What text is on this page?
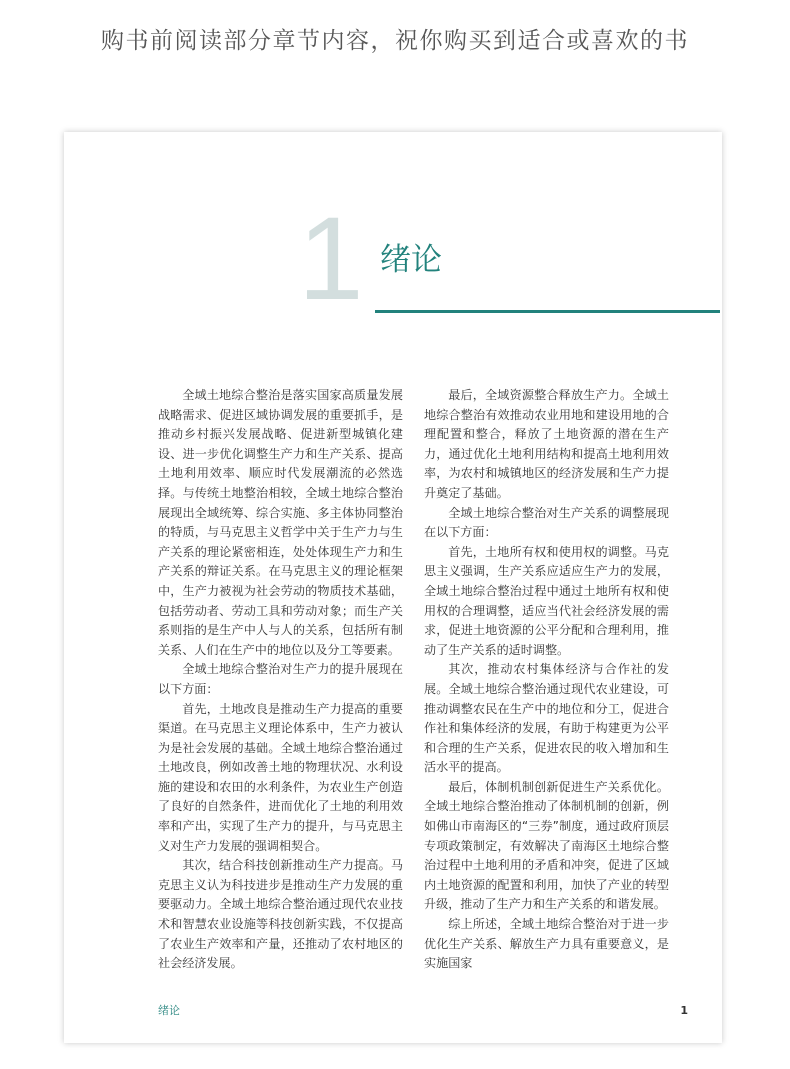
购书前阅读部分章节内容，祝你购买到适合或喜欢的书
1 绪论

全域土地综合整治是落实国家高质量发展战略需求、促进区域协调发展的重要抓手，是推动乡村振兴发展战略、促进新型城镇化建设、进一步优化调整生产力和生产关系、提高土地利用效率、顺应时代发展潮流的必然选择。与传统土地整治相较，全域土地综合整治展现出全域统筹、综合实施、多主体协同整治的特质，与马克思主义哲学中关于生产力与生产关系的理论紧密相连，处处体现生产力和生产关系的辩证关系。在马克思主义的理论框架中，生产力被视为社会劳动的物质技术基础，包括劳动者、劳动工具和劳动对象；而生产关系则指的是生产中人与人的关系，包括所有制关系、人们在生产中的地位以及分工等要素。

全域土地综合整治对生产力的提升展现在以下方面：

首先，土地改良是推动生产力提高的重要渠道。在马克思主义理论体系中，生产力被认为是社会发展的基础。全域土地综合整治通过土地改良，例如改善土地的物理状况、水利设施的建设和农田的水利条件，为农业生产创造了良好的自然条件，进而优化了土地的利用效率和产出，实现了生产力的提升，与马克思主义对生产力发展的强调相契合。

其次，结合科技创新推动生产力提高。马克思主义认为科技进步是推动生产力发展的重要驱动力。全域土地综合整治通过现代农业技术和智慧农业设施等科技创新实践，不仅提高了农业生产效率和产量，还推动了农村地区的社会经济发展。

最后，全域资源整合释放生产力。全域土地综合整治有效推动农业用地和建设用地的合理配置和整合，释放了土地资源的潜在生产力，通过优化土地利用结构和提高土地利用效率，为农村和城镇地区的经济发展和生产力提升奠定了基础。

全域土地综合整治对生产关系的调整展现在以下方面：

首先，土地所有权和使用权的调整。马克思主义强调，生产关系应适应生产力的发展，全域土地综合整治过程中通过土地所有权和使用权的合理调整，适应当代社会经济发展的需求，促进土地资源的公平分配和合理利用，推动了生产关系的适时调整。

其次，推动农村集体经济与合作社的发展。全域土地综合整治通过现代农业建设，可推动调整农民在生产中的地位和分工，促进合作社和集体经济的发展，有助于构建更为公平和合理的生产关系，促进农民的收入增加和生活水平的提高。

最后，体制机制创新促进生产关系优化。全域土地综合整治推动了体制机制的创新，例如佛山市南海区的“三券”制度，通过政府顶层专项政策制定，有效解决了南海区土地综合整治过程中土地利用的矛盾和冲突，促进了区域内土地资源的配置和利用，加快了产业的转型升级，推动了生产力和生产关系的和谐发展。

综上所述，全域土地综合整治对于进一步优化生产关系、解放生产力具有重要意义，是实施国家

绪论	1
